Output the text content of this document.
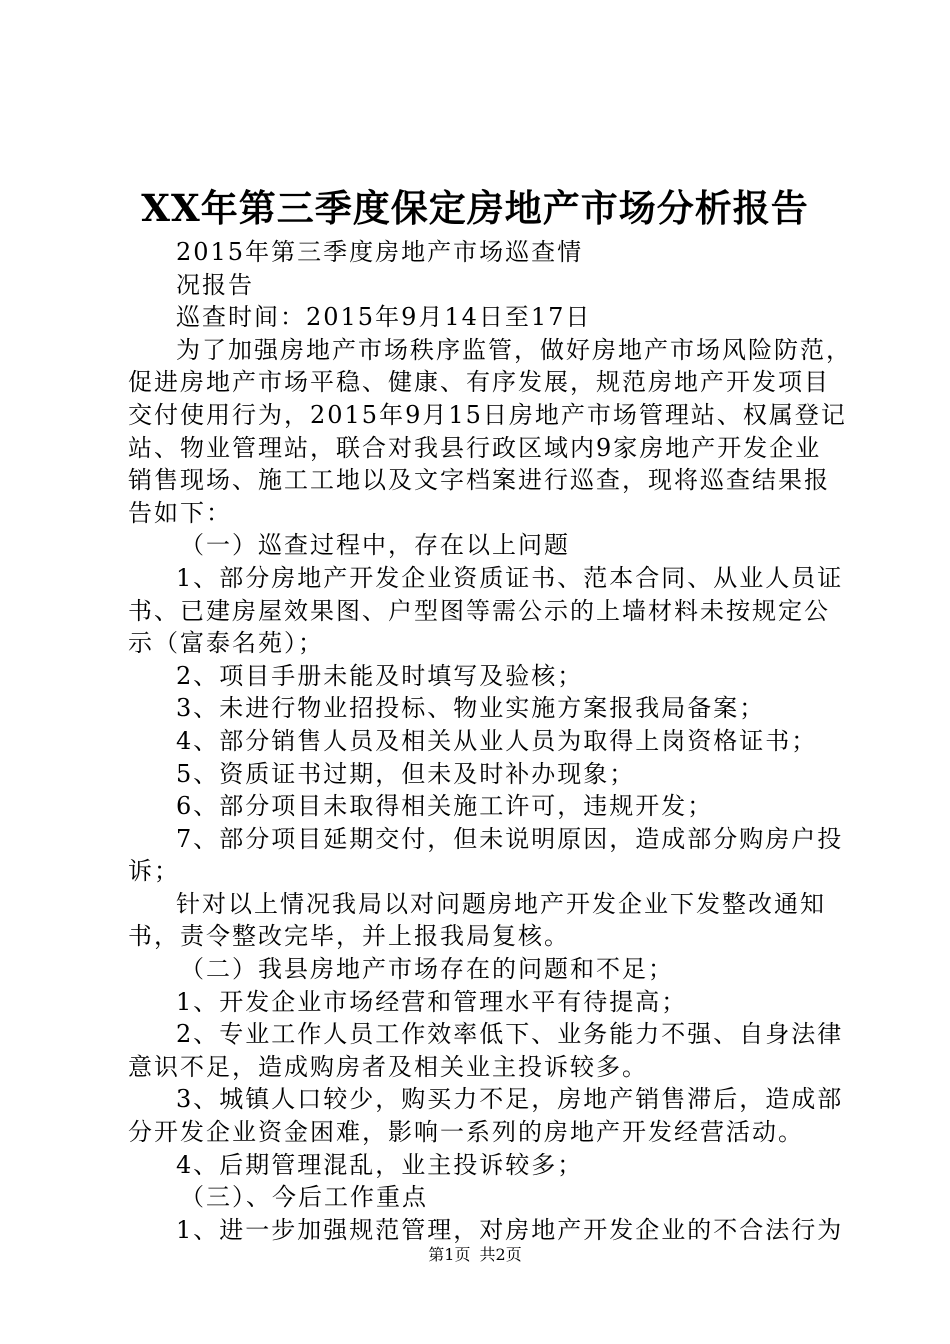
XX年第三季度保定房地产市场分析报告

2015年第三季度房地产市场巡查情

况报告

巡查时间：2015年9月14日至17日

为了加强房地产市场秩序监管，做好房地产市场风险防范，

促进房地产市场平稳、健康、有序发展，规范房地产开发项目

交付使用行为，2015年9月15日房地产市场管理站、权属登记

站、物业管理站，联合对我县行政区域内9家房地产开发企业

销售现场、施工工地以及文字档案进行巡查，现将巡查结果报

告如下：

（一）巡查过程中，存在以上问题

1、部分房地产开发企业资质证书、范本合同、从业人员证

书、已建房屋效果图、户型图等需公示的上墙材料未按规定公

示（富泰名苑）；

2、项目手册未能及时填写及验核；

3、未进行物业招投标、物业实施方案报我局备案；

4、部分销售人员及相关从业人员为取得上岗资格证书；

5、资质证书过期，但未及时补办现象；

6、部分项目未取得相关施工许可，违规开发；

7、部分项目延期交付，但未说明原因，造成部分购房户投

诉；

针对以上情况我局以对问题房地产开发企业下发整改通知

书，责令整改完毕，并上报我局复核。

（二）我县房地产市场存在的问题和不足；

1、开发企业市场经营和管理水平有待提高；

2、专业工作人员工作效率低下、业务能力不强、自身法律

意识不足，造成购房者及相关业主投诉较多。

3、城镇人口较少，购买力不足，房地产销售滞后，造成部

分开发企业资金困难，影响一系列的房地产开发经营活动。

4、后期管理混乱，业主投诉较多；

（三）、今后工作重点

1、进一步加强规范管理，对房地产开发企业的不合法行为

第1页 共2页
